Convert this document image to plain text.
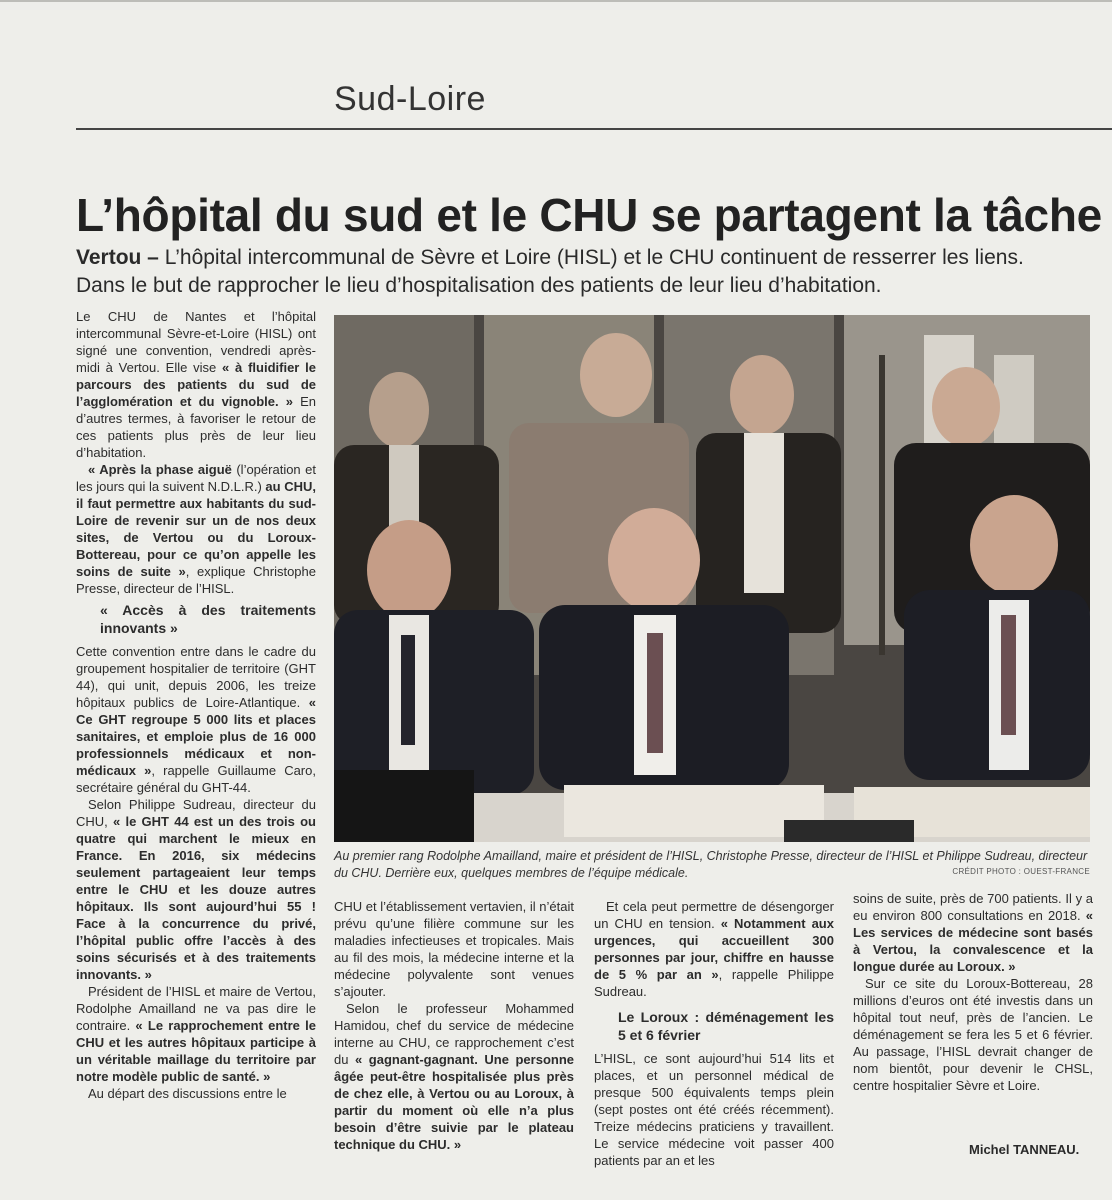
Sud-Loire
L’hôpital du sud et le CHU se partagent la tâche
Vertou – L’hôpital intercommunal de Sèvre et Loire (HISL) et le CHU continuent de resserrer les liens. Dans le but de rapprocher le lieu d’hospitalisation des patients de leur lieu d’habitation.

Le CHU de Nantes et l’hôpital intercommunal Sèvre-et-Loire (HISL) ont signé une convention, vendredi après-midi à Vertou. Elle vise « à fluidifier le parcours des patients du sud de l’agglomération et du vignoble. » En d’autres termes, à favoriser le retour de ces patients plus près de leur lieu d’habitation.

« Après la phase aiguë (l’opération et les jours qui la suivent N.D.L.R.) au CHU, il faut permettre aux habitants du sud-Loire de revenir sur un de nos deux sites, de Vertou ou du Loroux-Bottereau, pour ce qu’on appelle les soins de suite », explique Christophe Presse, directeur de l’HISL.

« Accès à des traitements innovants »

Cette convention entre dans le cadre du groupement hospitalier de territoire (GHT 44), qui unit, depuis 2006, les treize hôpitaux publics de Loire-Atlantique. « Ce GHT regroupe 5 000 lits et places sanitaires, et emploie plus de 16 000 professionnels médicaux et non-médicaux », rappelle Guillaume Caro, secrétaire général du GHT-44.

Selon Philippe Sudreau, directeur du CHU, « le GHT 44 est un des trois ou quatre qui marchent le mieux en France. En 2016, six médecins seulement partageaient leur temps entre le CHU et les douze autres hôpitaux. Ils sont aujourd’hui 55 ! Face à la concurrence du privé, l’hôpital public offre l’accès à des soins sécurisés et à des traitements innovants. »

Président de l’HISL et maire de Vertou, Rodolphe Amailland ne va pas dire le contraire. « Le rapprochement entre le CHU et les autres hôpitaux participe à un véritable maillage du territoire par notre modèle public de santé. »

Au départ des discussions entre le

Au premier rang Rodolphe Amailland, maire et président de l’HISL, Christophe Presse, directeur de l’HISL et Philippe Sudreau, directeur du CHU. Derrière eux, quelques membres de l’équipe médicale.	CRÉDIT PHOTO : OUEST-FRANCE

CHU et l’établissement vertavien, il n’était prévu qu’une filière commune sur les maladies infectieuses et tropicales. Mais au fil des mois, la médecine interne et la médecine polyvalente sont venues s’ajouter.

Selon le professeur Mohammed Hamidou, chef du service de médecine interne au CHU, ce rapprochement c’est du « gagnant-gagnant. Une personne âgée peut-être hospitalisée plus près de chez elle, à Vertou ou au Loroux, à partir du moment où elle n’a plus besoin d’être suivie par le plateau technique du CHU. »

Et cela peut permettre de désengorger un CHU en tension. « Notamment aux urgences, qui accueillent 300 personnes par jour, chiffre en hausse de 5 % par an », rappelle Philippe Sudreau.

Le Loroux : déménagement les 5 et 6 février

L’HISL, ce sont aujourd’hui 514 lits et places, et un personnel médical de presque 500 équivalents temps plein (sept postes ont été créés récemment). Treize médecins praticiens y travaillent. Le service médecine voit passer 400 patients par an et les

soins de suite, près de 700 patients. Il y a eu environ 800 consultations en 2018. « Les services de médecine sont basés à Vertou, la convalescence et la longue durée au Loroux. »

Sur ce site du Loroux-Bottereau, 28 millions d’euros ont été investis dans un hôpital tout neuf, près de l’ancien. Le déménagement se fera les 5 et 6 février. Au passage, l’HISL devrait changer de nom bientôt, pour devenir le CHSL, centre hospitalier Sèvre et Loire.

Michel TANNEAU.
